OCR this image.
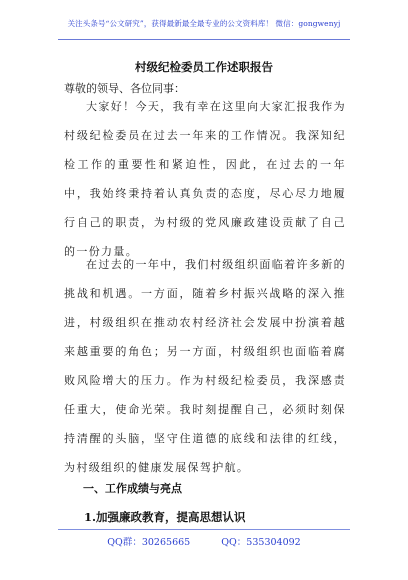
关注头条号“公文研究”，获得最新最全最专业的公文资料库！ 微信：gongwenyj
村级纪检委员工作述职报告
尊敬的领导、各位同事：

大家好！今天，我有幸在这里向大家汇报我作为村级纪检委员在过去一年来的工作情况。我深知纪检工作的重要性和紧迫性，因此，在过去的一年中，我始终秉持着认真负责的态度，尽心尽力地履行自己的职责，为村级的党风廉政建设贡献了自己的一份力量。

在过去的一年中，我们村级组织面临着许多新的挑战和机遇。一方面，随着乡村振兴战略的深入推进，村级组织在推动农村经济社会发展中扮演着越来越重要的角色；另一方面，村级组织也面临着腐败风险增大的压力。作为村级纪检委员，我深感责任重大，使命光荣。我时刻提醒自己，必须时刻保持清醒的头脑，坚守住道德的底线和法律的红线，为村级组织的健康发展保驾护航。

一、工作成绩与亮点
1.加强廉政教育，提高思想认识
QQ群：30265665	QQ：535304092
